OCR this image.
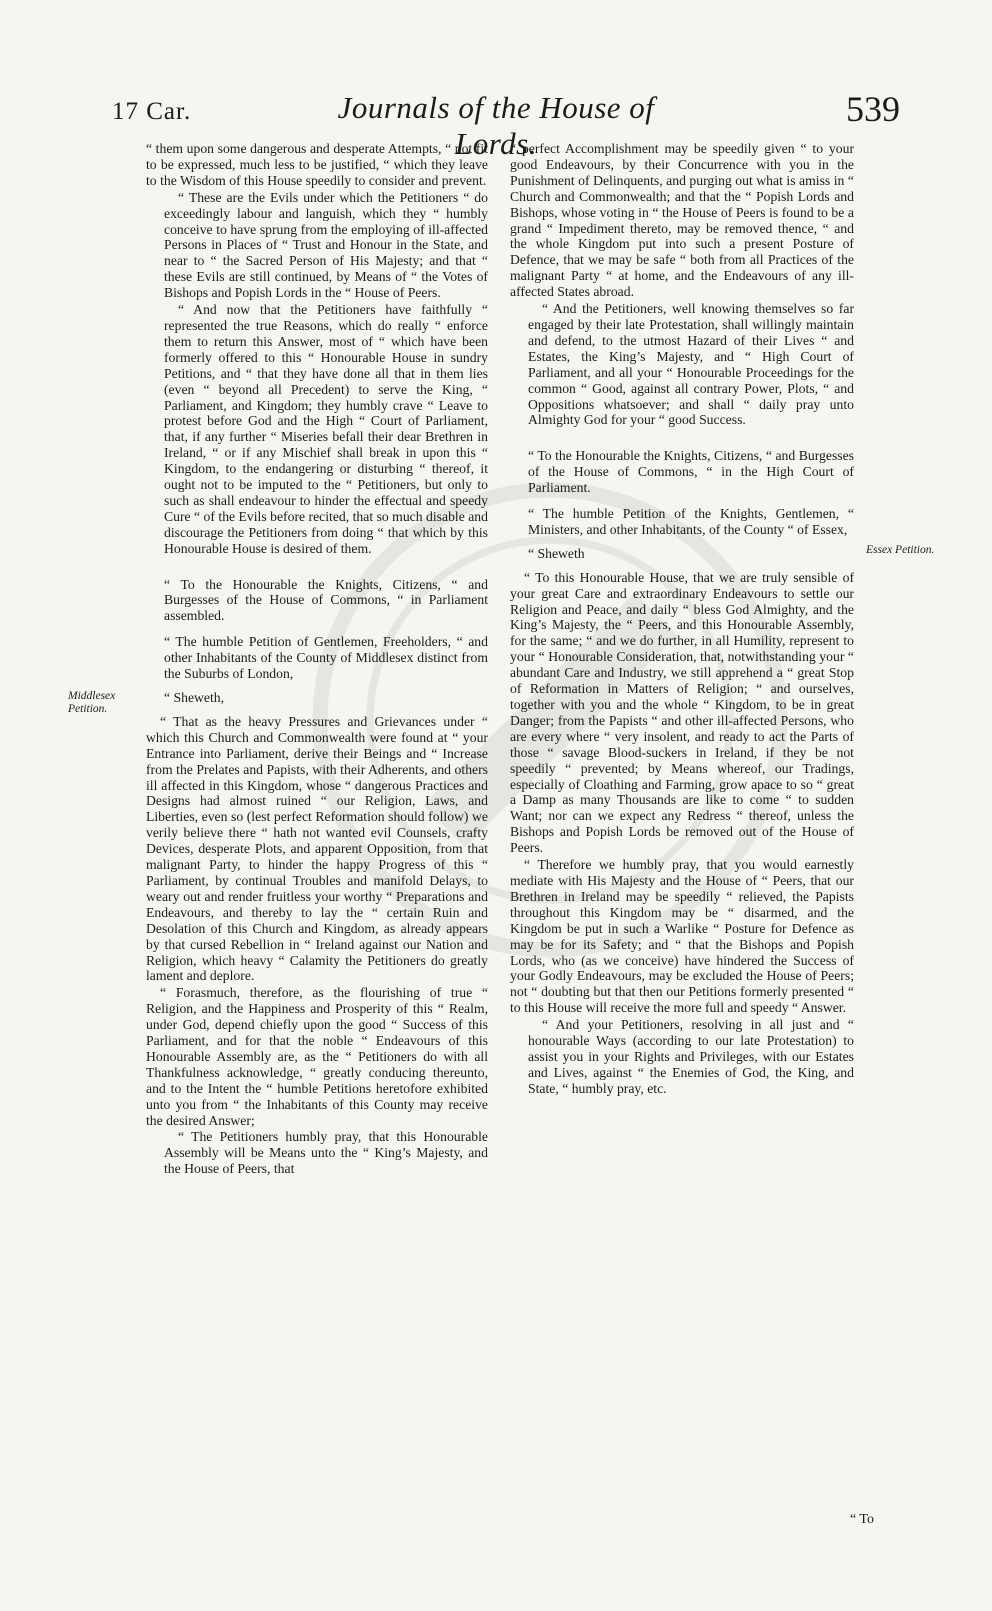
17 Car.	Journals of the House of Lords.
539
Middlesex Petition.
Essex Petition.

“ them upon some dangerous and desperate Attempts, “ not fit to be expressed, much less to be justified, “ which they leave to the Wisdom of this House speedily to consider and prevent.

“ These are the Evils under which the Petitioners “ do exceedingly labour and languish, which they “ humbly conceive to have sprung from the employing of ill-affected Persons in Places of “ Trust and Honour in the State, and near to “ the Sacred Person of His Majesty; and that “ these Evils are still continued, by Means of “ the Votes of Bishops and Popish Lords in the “ House of Peers.

“ And now that the Petitioners have faithfully “ represented the true Reasons, which do really “ enforce them to return this Answer, most of “ which have been formerly offered to this “ Honourable House in sundry Petitions, and “ that they have done all that in them lies (even “ beyond all Precedent) to serve the King, “ Parliament, and Kingdom; they humbly crave “ Leave to protest before God and the High “ Court of Parliament, that, if any further “ Miseries befall their dear Brethren in Ireland, “ or if any Mischief shall break in upon this “ Kingdom, to the endangering or disturbing “ thereof, it ought not to be imputed to the “ Petitioners, but only to such as shall endeavour to hinder the effectual and speedy Cure “ of the Evils before recited, that so much disable and discourage the Petitioners from doing “ that which by this Honourable House is desired of them.

“ To the Honourable the Knights, Citizens, “ and Burgesses of the House of Commons, “ in Parliament assembled.

“ The humble Petition of Gentlemen, Freeholders, “ and other Inhabitants of the County of Middlesex distinct from the Suburbs of London,

“ Sheweth,

“ That as the heavy Pressures and Grievances under “ which this Church and Commonwealth were found at “ your Entrance into Parliament, derive their Beings and “ Increase from the Prelates and Papists, with their Adherents, and others ill affected in this Kingdom, whose “ dangerous Practices and Designs had almost ruined “ our Religion, Laws, and Liberties, even so (lest perfect Reformation should follow) we verily believe there “ hath not wanted evil Counsels, crafty Devices, desperate Plots, and apparent Opposition, from that malignant Party, to hinder the happy Progress of this “ Parliament, by continual Troubles and manifold Delays, to weary out and render fruitless your worthy “ Preparations and Endeavours, and thereby to lay the “ certain Ruin and Desolation of this Church and Kingdom, as already appears by that cursed Rebellion in “ Ireland against our Nation and Religion, which heavy “ Calamity the Petitioners do greatly lament and deplore.

“ Forasmuch, therefore, as the flourishing of true “ Religion, and the Happiness and Prosperity of this “ Realm, under God, depend chiefly upon the good “ Success of this Parliament, and for that the noble “ Endeavours of this Honourable Assembly are, as the “ Petitioners do with all Thankfulness acknowledge, “ greatly conducing thereunto, and to the Intent the “ humble Petitions heretofore exhibited unto you from “ the Inhabitants of this County may receive the desired Answer;

“ The Petitioners humbly pray, that this Honourable Assembly will be Means unto the “ King’s Majesty, and the House of Peers, that

“ perfect Accomplishment may be speedily given “ to your good Endeavours, by their Concurrence with you in the Punishment of Delinquents, and purging out what is amiss in “ Church and Commonwealth; and that the “ Popish Lords and Bishops, whose voting in “ the House of Peers is found to be a grand “ Impediment thereto, may be removed thence, “ and the whole Kingdom put into such a present Posture of Defence, that we may be safe “ both from all Practices of the malignant Party “ at home, and the Endeavours of any ill-affected States abroad.

“ And the Petitioners, well knowing themselves so far engaged by their late Protestation, shall willingly maintain and defend, to the utmost Hazard of their Lives “ and Estates, the King’s Majesty, and “ High Court of Parliament, and all your “ Honourable Proceedings for the common “ Good, against all contrary Power, Plots, “ and Oppositions whatsoever; and shall “ daily pray unto Almighty God for your “ good Success.

“ To the Honourable the Knights, Citizens, “ and Burgesses of the House of Commons, “ in the High Court of Parliament.

“ The humble Petition of the Knights, Gentlemen, “ Ministers, and other Inhabitants, of the County “ of Essex,

“ Sheweth

“ To this Honourable House, that we are truly sensible of your great Care and extraordinary Endeavours to settle our Religion and Peace, and daily “ bless God Almighty, and the King’s Majesty, the “ Peers, and this Honourable Assembly, for the same; “ and we do further, in all Humility, represent to your “ Honourable Consideration, that, notwithstanding your “ abundant Care and Industry, we still apprehend a “ great Stop of Reformation in Matters of Religion; “ and ourselves, together with you and the whole “ Kingdom, to be in great Danger; from the Papists “ and other ill-affected Persons, who are every where “ very insolent, and ready to act the Parts of those “ savage Blood-suckers in Ireland, if they be not speedily “ prevented; by Means whereof, our Tradings, especially of Cloathing and Farming, grow apace to so “ great a Damp as many Thousands are like to come “ to sudden Want; nor can we expect any Redress “ thereof, unless the Bishops and Popish Lords be removed out of the House of Peers.

“ Therefore we humbly pray, that you would earnestly mediate with His Majesty and the House of “ Peers, that our Brethren in Ireland may be speedily “ relieved, the Papists throughout this Kingdom may be “ disarmed, and the Kingdom be put in such a Warlike “ Posture for Defence as may be for its Safety; and “ that the Bishops and Popish Lords, who (as we conceive) have hindered the Success of your Godly Endeavours, may be excluded the House of Peers; not “ doubting but that then our Petitions formerly presented “ to this House will receive the more full and speedy “ Answer.

“ And your Petitioners, resolving in all just and “ honourable Ways (according to our late Protestation) to assist you in your Rights and Privileges, with our Estates and Lives, against “ the Enemies of God, the King, and State, “ humbly pray, etc.

“ To
